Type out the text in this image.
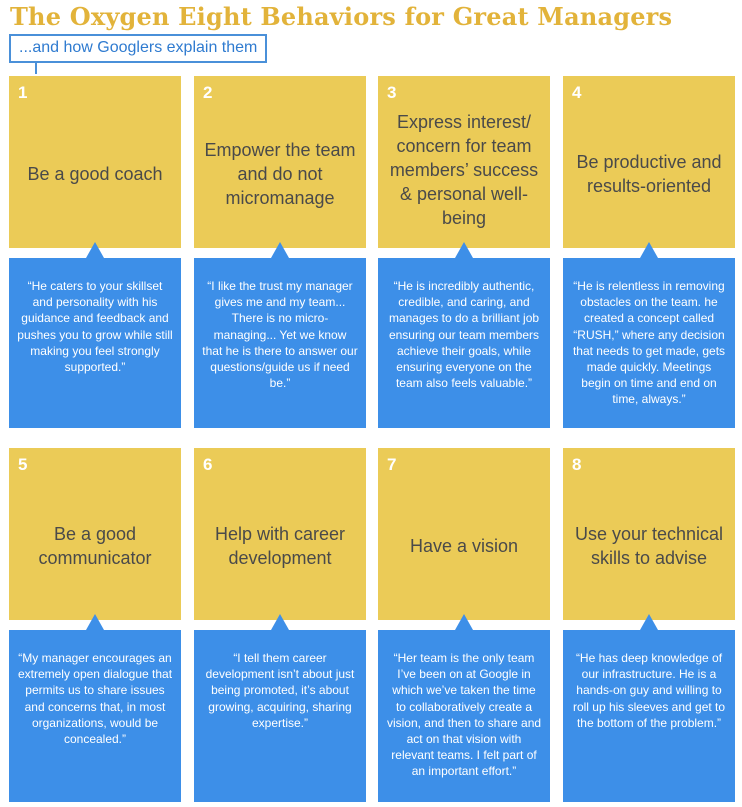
The Oxygen Eight Behaviors for Great Managers
...and how Googlers explain them
1
Be a good coach
“He caters to your skillset and personality with his guidance and feedback and pushes you to grow while still making you feel strongly supported.”
2
Empower the team and do not micromanage
“I like the trust my manager gives me and my team... There is no micro-managing... Yet we know that he is there to answer our questions/guide us if need be.”
3
Express interest/ concern for team members’ success & personal well-being
“He is incredibly authentic, credible, and caring, and manages to do a brilliant job ensuring our team members achieve their goals, while ensuring everyone on the team also feels valuable.”
4
Be productive and results-oriented
“He is relentless in removing obstacles on the team. he created a concept called “RUSH,” where any decision that needs to get made, gets made quickly. Meetings begin on time and end on time, always.”
5
Be a good communicator
“My manager encourages an extremely open dialogue that permits us to share issues and concerns that, in most organizations, would be concealed.”
6
Help with career development
“I tell them career development isn’t about just being promoted, it’s about growing, acquiring, sharing expertise.”
7
Have a vision
“Her team is the only team I’ve been on at Google in which we’ve taken the time to collaboratively create a vision, and then to share and act on that vision with relevant teams. I felt part of an important effort.”
8
Use your technical skills to advise
“He has deep knowledge of our infrastructure. He is a hands-on guy and willing to roll up his sleeves and get to the bottom of the problem.”
